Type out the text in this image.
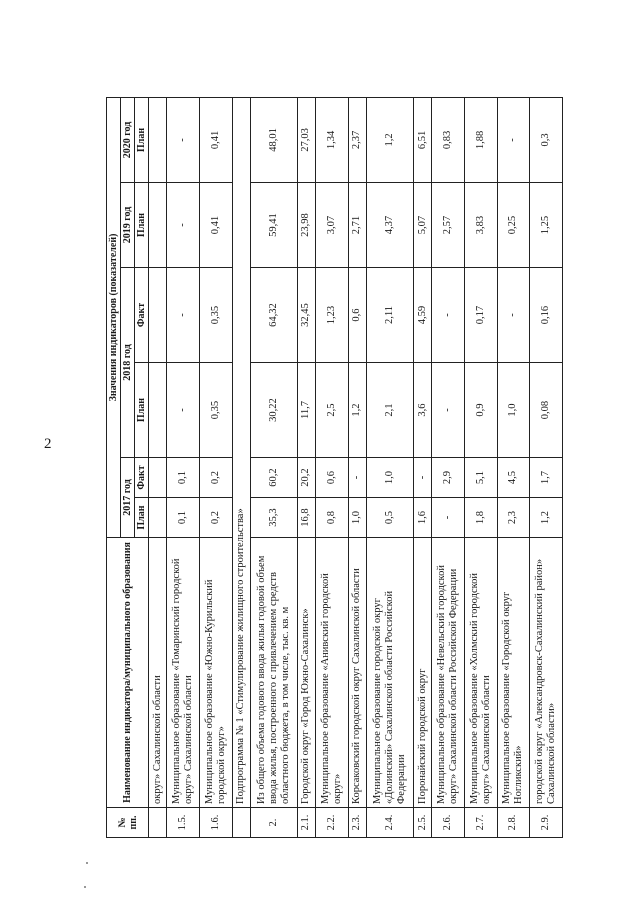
2
№ пп.	Наименование индикатора/муниципального образования	Значения индикаторов (показателей)					
		2017 год		2018 год		2019 год	2020 год
		План	Факт	План	Факт	План	План
	округ» Сахалинской области						
1.5.	Муниципальное образование «Томаринский городской округ» Сахалинской области	0,1	0,1	-	-	-	-
1.6.	Муниципальное образование «Южно-Курильский городской округ»	0,2	0,2	0,35	0,35	0,41	0,41
	Подпрограмма № 1 «Стимулирование жилищного строительства»						
2.	Из общего объема годового ввода жилья годовой объем ввода жилья, построенного с привлечением средств областного бюджета, в том числе, тыс. кв. м	35,3	60,2	30,22	64,32	59,41	48,01
2.1.	Городской округ «Город Южно-Сахалинск»	16,8	20,2	11,7	32,45	23,98	27,03
2.2.	Муниципальное образование «Анивский городской округ»	0,8	0,6	2,5	1,23	3,07	1,34
2.3.	Корсаковский городской округ Сахалинской области	1,0	-	1,2	0,6	2,71	2,37
2.4.	Муниципальное образование городской округ «Долинский» Сахалинской области Российской Федерации	0,5	1,0	2,1	2,11	4,37	1,2
2.5.	Поронайский городской округ	1,6	-	3,6	4,59	5,07	6,51
2.6.	Муниципальное образование «Невельский городской округ» Сахалинской области Российской Федерации	-	2,9	-	-	2,57	0,83
2.7.	Муниципальное образование «Холмский городской округ» Сахалинской области	1,8	5,1	0,9	0,17	3,83	1,88
2.8.	Муниципальное образование «Городской округ Ногликский»	2,3	4,5	1,0	-	0,25	-
2.9.	городской округ «Александровск-Сахалинский район» Сахалинской области»	1,2	1,7	0,08	0,16	1,25	0,3
